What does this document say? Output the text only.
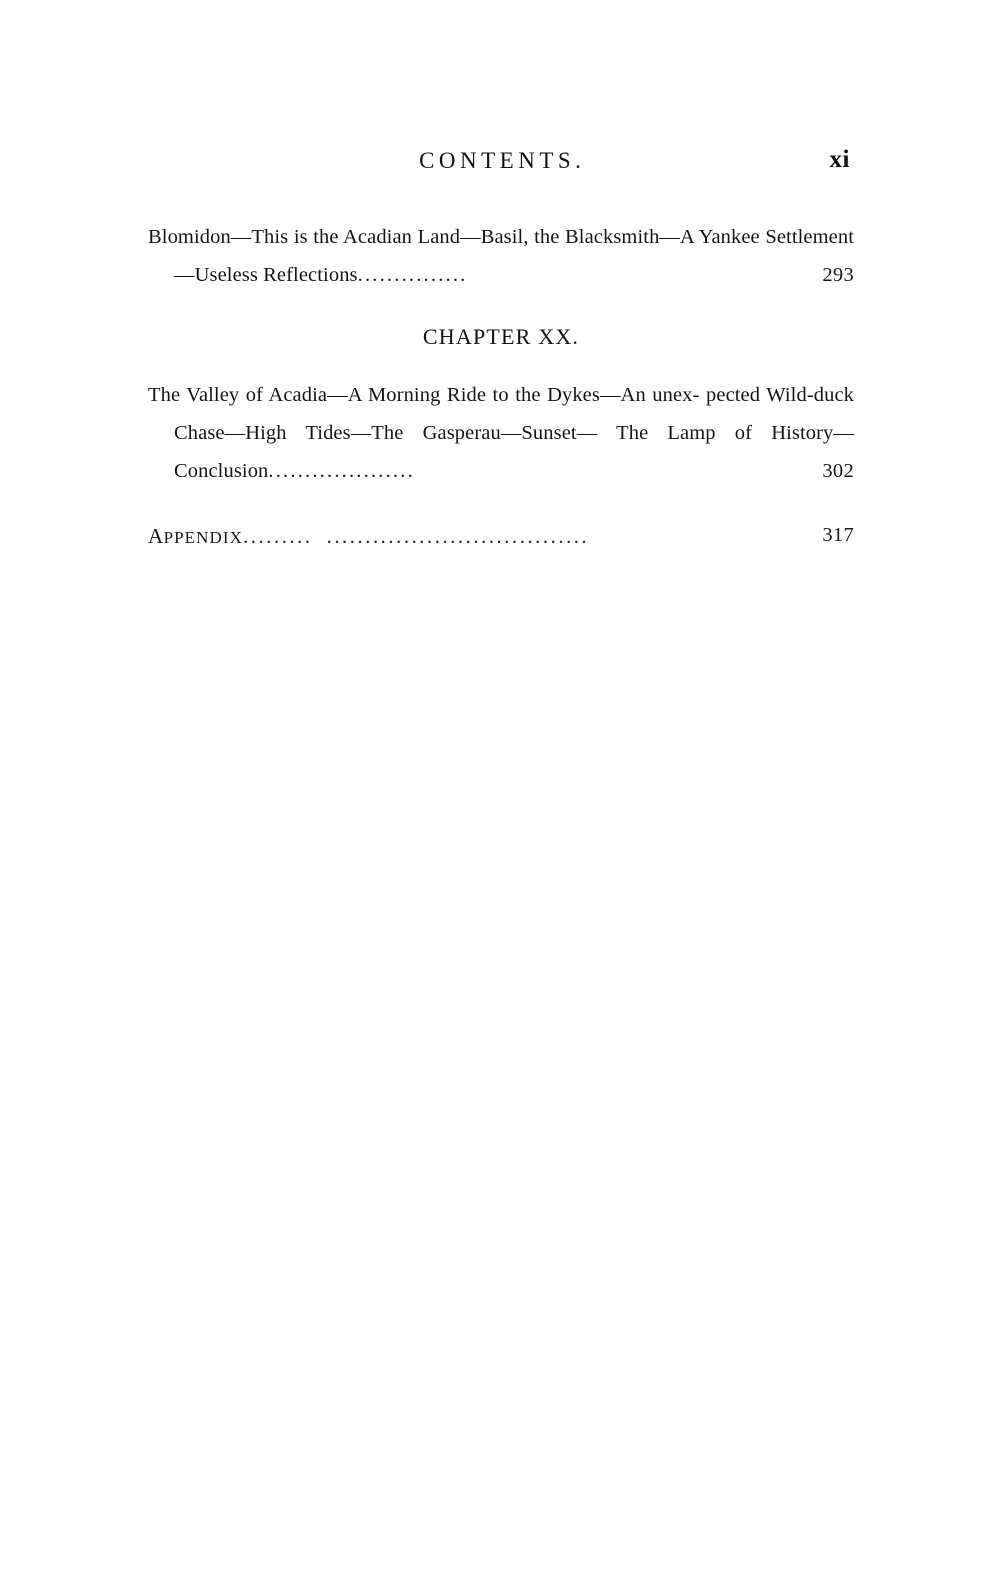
CONTENTS.	xi

Blomidon—This is the Acadian Land—Basil, the Blacksmith—A Yankee Settlement—Useless Reflections...............	293
CHAPTER XX.

The Valley of Acadia—A Morning Ride to the Dykes—An unex- pected Wild-duck Chase—High Tides—The Gasperau—Sunset— The Lamp of History—Conclusion....................	302
APPENDIX......... ..................................	317
